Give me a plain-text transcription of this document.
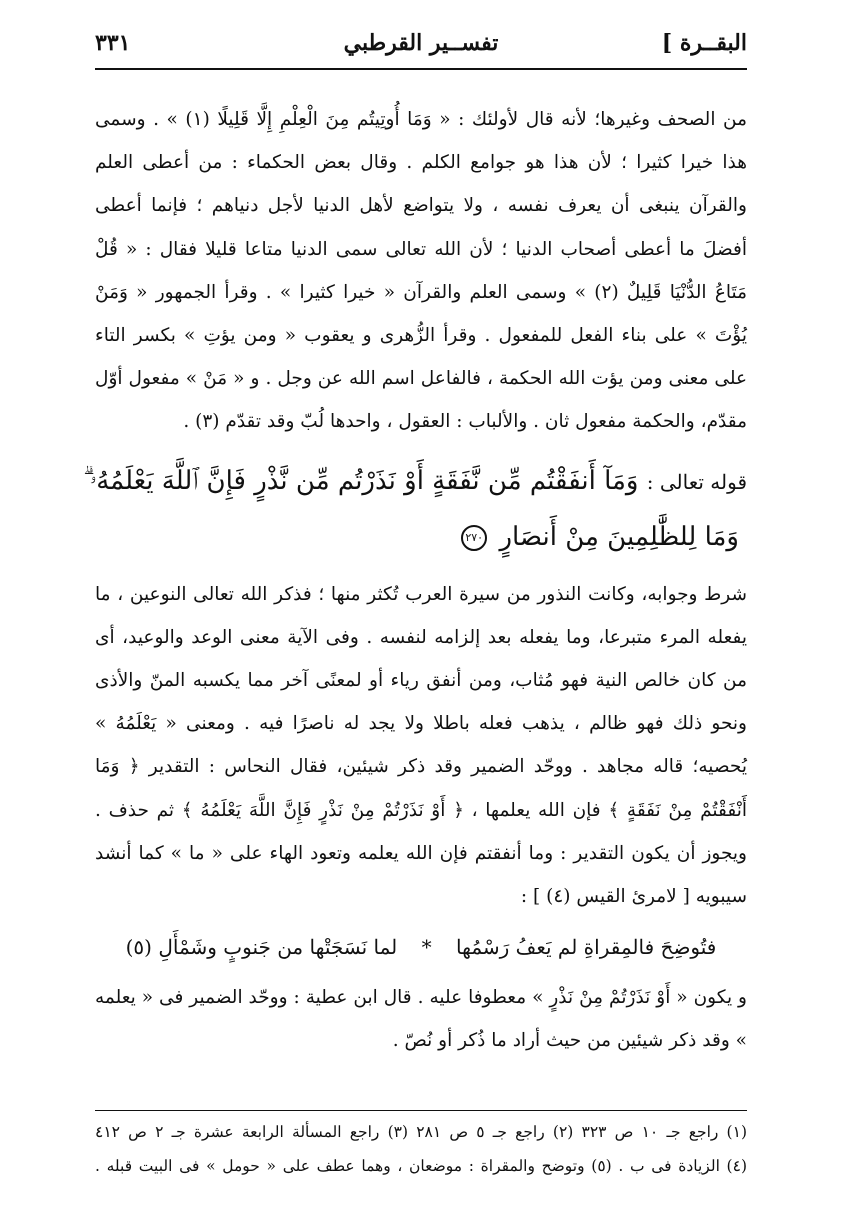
البقــرة ]
تفســير القرطبي
٣٣١

من الصحف وغيرها؛ لأنه قال لأولئك : « وَمَا أُوتِيتُم مِنَ الْعِلْمِ إِلَّا قَلِيلًا (١) » . وسمى هذا خيرا كثيرا ؛ لأن هذا هو جوامع الكلم . وقال بعض الحكماء : من أعطى العلم والقرآن ينبغى أن يعرف نفسه ، ولا يتواضع لأهل الدنيا لأجل دنياهم ؛ فإنما أعطى أفضلَ ما أعطى أصحاب الدنيا ؛ لأن الله تعالى سمى الدنيا متاعا قليلا فقال : « قُلْ مَتَاعُ الدُّنْيَا قَلِيلٌ (٢) » وسمى العلم والقرآن « خيرا كثيرا » . وقرأ الجمهور « وَمَنْ يُؤْتَ » على بناء الفعل للمفعول . وقرأ الزُّهرى و يعقوب « ومن يؤتِ » بكسر التاء على معنى ومن يؤت الله الحكمة ، فالفاعل اسم الله عن وجل . و « مَنْ » مفعول أوّل مقدّم، والحكمة مفعول ثان . والألباب : العقول ، واحدها لُبّ وقد تقدّم (٣) .

قوله تعالى : وَمَآ أَنفَقْتُم مِّن نَّفَقَةٍ أَوْ نَذَرْتُم مِّن نَّذْرٍ فَإِنَّ ٱللَّهَ يَعْلَمُهُۥ ۗ
وَمَا لِلظَّٰلِمِينَ مِنْ أَنصَارٍ ٢٧٠

شرط وجوابه، وكانت النذور من سيرة العرب تُكثر منها ؛ فذكر الله تعالى النوعين ، ما يفعله المرء متبرعا، وما يفعله بعد إلزامه لنفسه . وفى الآية معنى الوعد والوعيد، أى من كان خالص النية فهو مُثاب، ومن أنفق رياء أو لمعنًى آخر مما يكسبه المنّ والأذى ونحو ذلك فهو ظالم ، يذهب فعله باطلا ولا يجد له ناصرًا فيه . ومعنى « يَعْلَمُهُ » يُحصيه؛ قاله مجاهد . ووحّد الضمير وقد ذكر شيئين، فقال النحاس : التقدير ﴿ وَمَا أَنْفَقْتُمْ مِنْ نَفَقَةٍ ﴾ فإن الله يعلمها ، ﴿ أَوْ نَذَرْتُمْ مِنْ نَذْرٍ فَإِنَّ اللَّهَ يَعْلَمُهُ ﴾ ثم حذف . ويجوز أن يكون التقدير : وما أنفقتم فإن الله يعلمه وتعود الهاء على « ما » كما أنشد سيبويه [ لامرئ القيس (٤) ] :

فتُوضِحَ فالمِقراةِ لم يَعفُ رَسْمُها * لما نَسَجَتْها من جَنوبٍ وشَمْأَلِ (٥)

و يكون « أَوْ نَذَرْتُمْ مِنْ نَذْرٍ » معطوفا عليه . قال ابن عطية : ووحّد الضمير فى « يعلمه » وقد ذكر شيئين من حيث أراد ما ذُكر أو نُصّ .

(١) راجع جـ ١٠ ص ٣٢٣ (٢) راجع جـ ٥ ص ٢٨١ (٣) راجع المسألة الرابعة عشرة جـ ٢ ص ٤١٢
(٤) الزيادة فى ب . (٥) وتوضح والمقراة : موضعان ، وهما عطف على « حومل » فى البيت قبله .
